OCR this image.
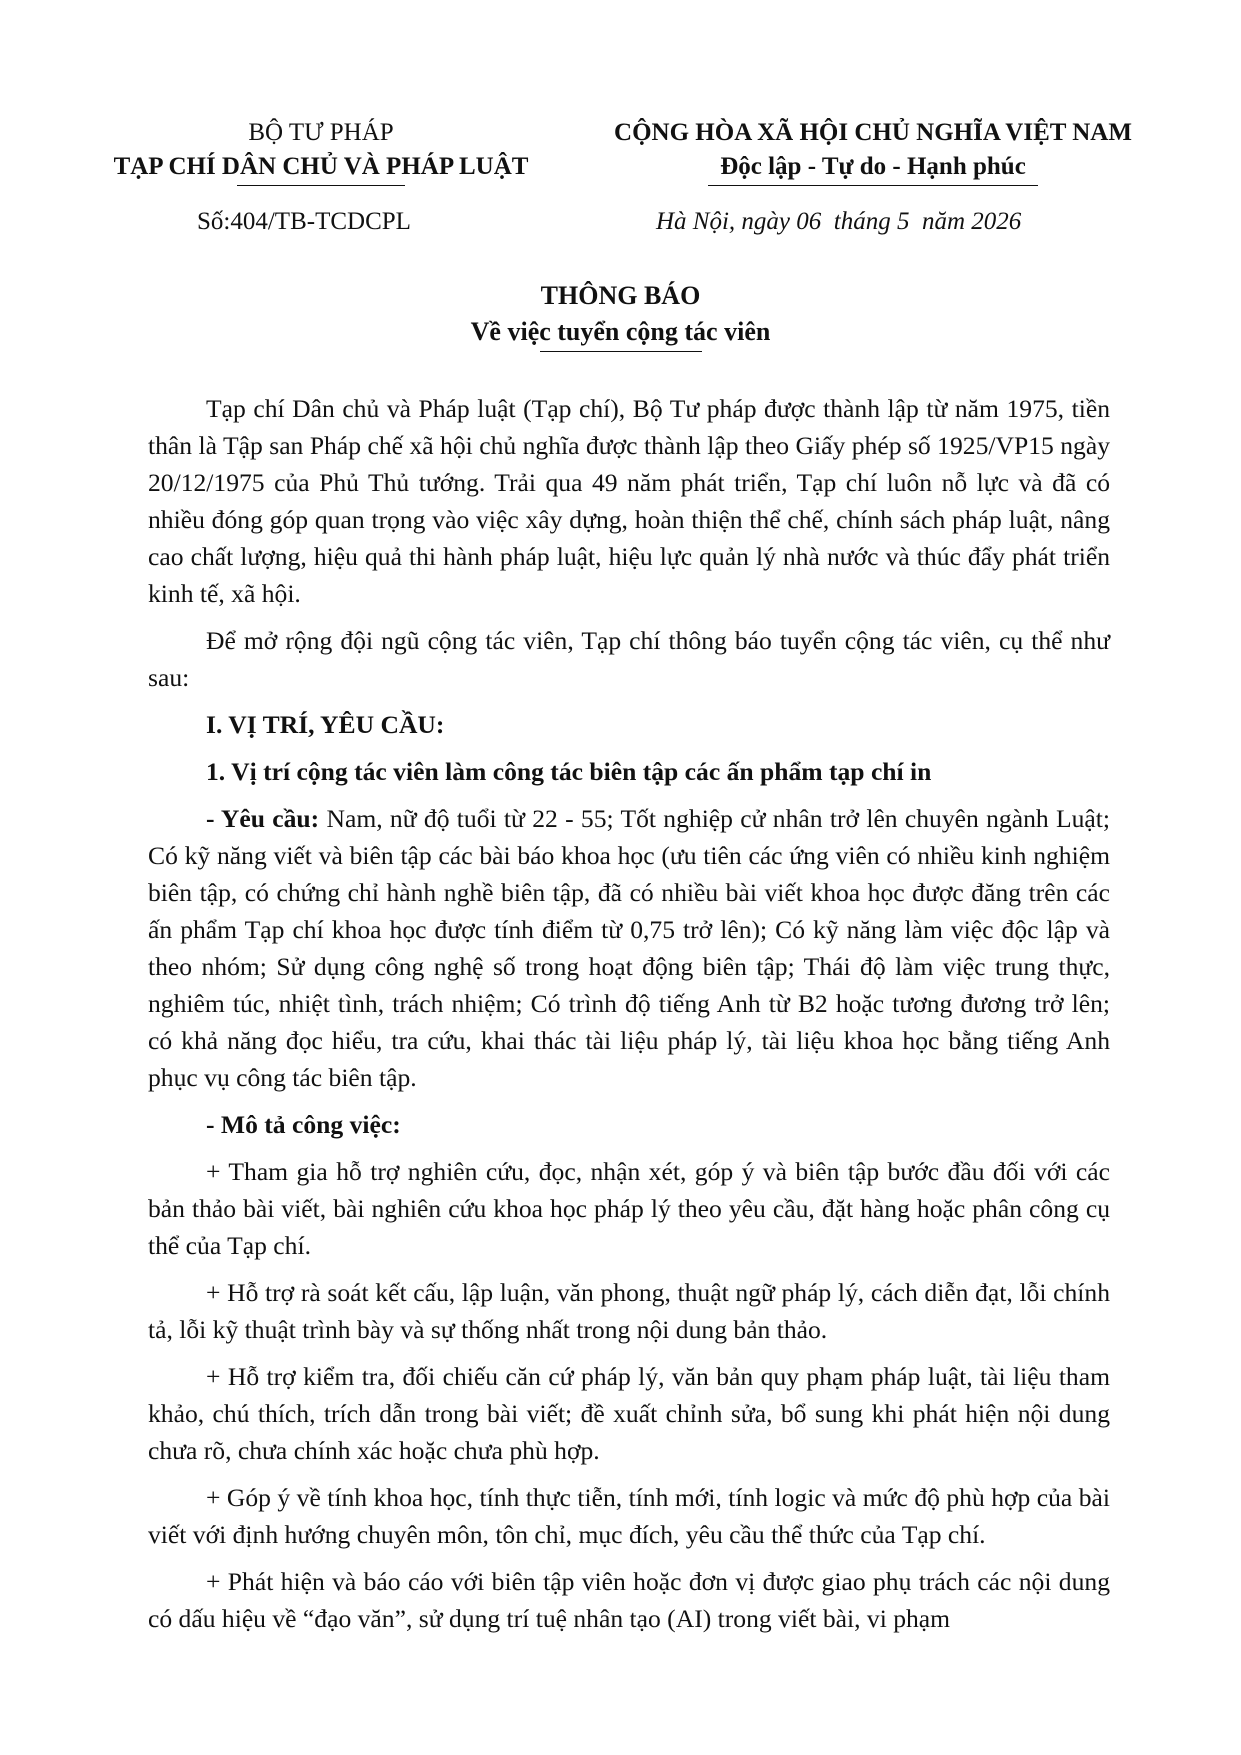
BỘ TƯ PHÁP
TẠP CHÍ DÂN CHỦ VÀ PHÁP LUẬT
CỘNG HÒA XÃ HỘI CHỦ NGHĨA VIỆT NAM
Độc lập - Tự do - Hạnh phúc
Số:404/TB-TCDCPL	Hà Nội, ngày 06  tháng 5  năm 2026
THÔNG BÁO
Về việc tuyển cộng tác viên

Tạp chí Dân chủ và Pháp luật (Tạp chí), Bộ Tư pháp được thành lập từ năm 1975, tiền thân là Tập san Pháp chế xã hội chủ nghĩa được thành lập theo Giấy phép số 1925/VP15 ngày 20/12/1975 của Phủ Thủ tướng. Trải qua 49 năm phát triển, Tạp chí luôn nỗ lực và đã có nhiều đóng góp quan trọng vào việc xây dựng, hoàn thiện thể chế, chính sách pháp luật, nâng cao chất lượng, hiệu quả thi hành pháp luật, hiệu lực quản lý nhà nước và thúc đẩy phát triển kinh tế, xã hội.

Để mở rộng đội ngũ cộng tác viên, Tạp chí thông báo tuyển cộng tác viên, cụ thể như sau:

I. VỊ TRÍ, YÊU CẦU:
1. Vị trí cộng tác viên làm công tác biên tập các ấn phẩm tạp chí in

- Yêu cầu: Nam, nữ độ tuổi từ 22 - 55; Tốt nghiệp cử nhân trở lên chuyên ngành Luật; Có kỹ năng viết và biên tập các bài báo khoa học (ưu tiên các ứng viên có nhiều kinh nghiệm biên tập, có chứng chỉ hành nghề biên tập, đã có nhiều bài viết khoa học được đăng trên các ấn phẩm Tạp chí khoa học được tính điểm từ 0,75 trở lên); Có kỹ năng làm việc độc lập và theo nhóm; Sử dụng công nghệ số trong hoạt động biên tập; Thái độ làm việc trung thực, nghiêm túc, nhiệt tình, trách nhiệm; Có trình độ tiếng Anh từ B2 hoặc tương đương trở lên; có khả năng đọc hiểu, tra cứu, khai thác tài liệu pháp lý, tài liệu khoa học bằng tiếng Anh phục vụ công tác biên tập.

- Mô tả công việc:

+ Tham gia hỗ trợ nghiên cứu, đọc, nhận xét, góp ý và biên tập bước đầu đối với các bản thảo bài viết, bài nghiên cứu khoa học pháp lý theo yêu cầu, đặt hàng hoặc phân công cụ thể của Tạp chí.

+ Hỗ trợ rà soát kết cấu, lập luận, văn phong, thuật ngữ pháp lý, cách diễn đạt, lỗi chính tả, lỗi kỹ thuật trình bày và sự thống nhất trong nội dung bản thảo.

+ Hỗ trợ kiểm tra, đối chiếu căn cứ pháp lý, văn bản quy phạm pháp luật, tài liệu tham khảo, chú thích, trích dẫn trong bài viết; đề xuất chỉnh sửa, bổ sung khi phát hiện nội dung chưa rõ, chưa chính xác hoặc chưa phù hợp.

+ Góp ý về tính khoa học, tính thực tiễn, tính mới, tính logic và mức độ phù hợp của bài viết với định hướng chuyên môn, tôn chỉ, mục đích, yêu cầu thể thức của Tạp chí.

+ Phát hiện và báo cáo với biên tập viên hoặc đơn vị được giao phụ trách các nội dung có dấu hiệu về “đạo văn”, sử dụng trí tuệ nhân tạo (AI) trong viết bài, vi phạm
